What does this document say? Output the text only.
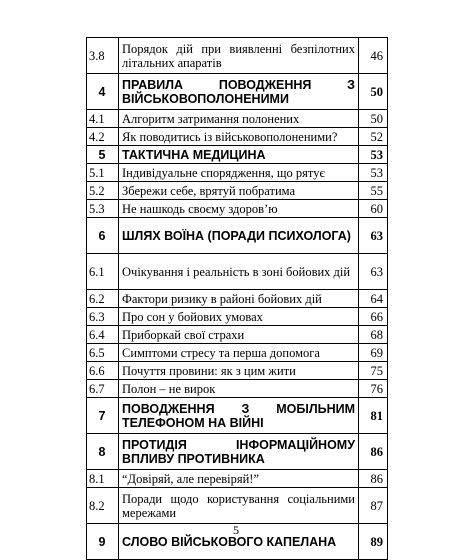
3.8	Порядок дій при виявленні безпілотних літальних апаратів	46
4	ПРАВИЛА ПОВОДЖЕННЯ З ВІЙСЬКОВОПОЛОНЕНИМИ	50
4.1	Алгоритм затримання полонених	50
4.2	Як поводитись із військовополоненими?	52
5	ТАКТИЧНА МЕДИЦИНА	53
5.1	Індивідуальне спорядження, що рятує	53
5.2	Збережи себе, врятуй побратима	55
5.3	Не нашкодь своєму здоров’ю	60
6	ШЛЯХ ВОЇНА (ПОРАДИ ПСИХОЛОГА)	63
6.1	Очікування і реальність в зоні бойових дій	63
6.2	Фактори ризику в районі бойових дій	64
6.3	Про сон у бойових умовах	66
6.4	Приборкай свої страхи	68
6.5	Симптоми стресу та перша допомога	69
6.6	Почуття провини: як з цим жити	75
6.7	Полон – не вирок	76
7	ПОВОДЖЕННЯ З МОБІЛЬНИМ ТЕЛЕФОНОМ НА ВІЙНІ	81
8	ПРОТИДІЯ ІНФОРМАЦІЙНОМУ ВПЛИВУ ПРОТИВНИКА	86
8.1	“Довіряй, але перевіряй!”	86
8.2	Поради щодо користування соціальними мережами	87
9	СЛОВО ВІЙСЬКОВОГО КАПЕЛАНА	89
5
